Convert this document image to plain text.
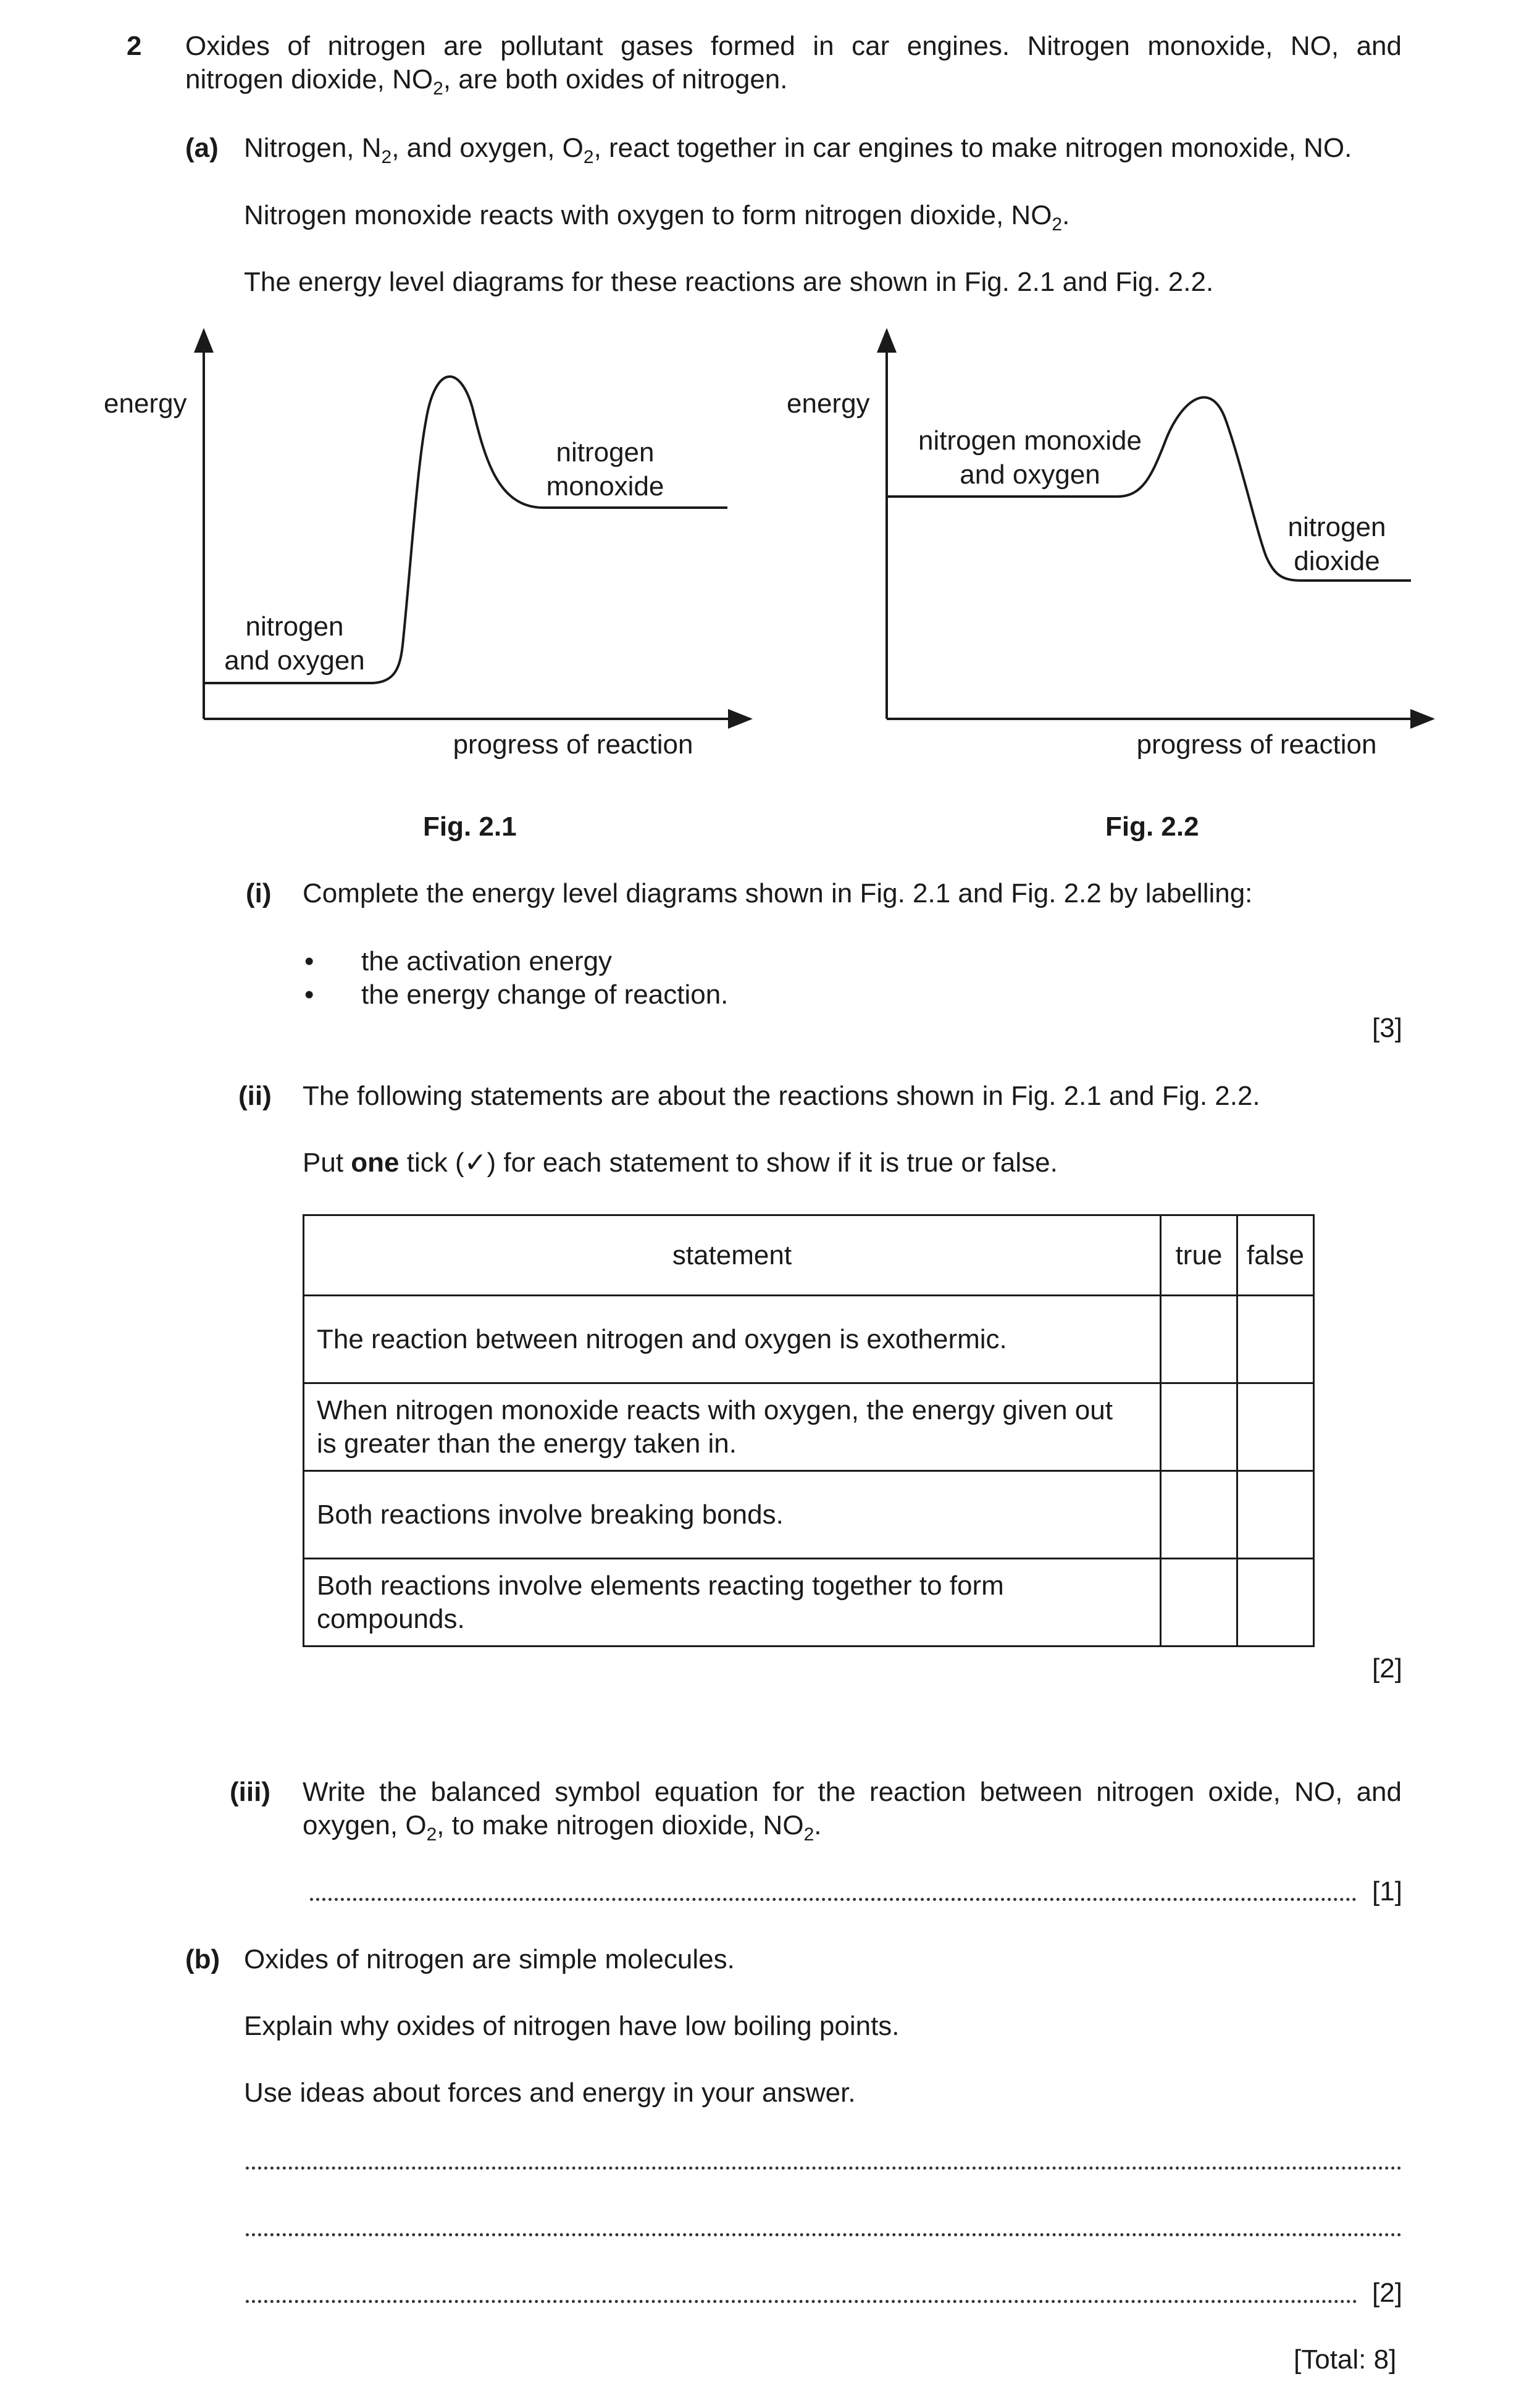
2 Oxides of nitrogen are pollutant gases formed in car engines. Nitrogen monoxide, NO, and
nitrogen dioxide, $NO_2$, are both oxides of nitrogen.
(a) Nitrogen, $N_2$, and oxygen, $O_2$, react together in car engines to make nitrogen monoxide, NO.
Nitrogen monoxide reacts with oxygen to form nitrogen dioxide, $NO_2$.
The energy level diagrams for these reactions are shown in Fig. 2.1 and Fig. 2.2.
energy
nitrogen
monoxide
nitrogen
and oxygen
progress of reaction
energy
nitrogen monoxide
and oxygen
nitrogen
dioxide
progress of reaction
Fig. 2.1	Fig. 2.2
(i) Complete the energy level diagrams shown in Fig. 2.1 and Fig. 2.2 by labelling:
• the activation energy
• the energy change of reaction.
[3]
(ii) The following statements are about the reactions shown in Fig. 2.1 and Fig. 2.2.
Put one tick (✓) for each statement to show if it is true or false.
statement	true	false
The reaction between nitrogen and oxygen is exothermic.		

When nitrogen monoxide reacts with oxygen, the energy given out
is greater than the energy taken in.		

Both reactions involve breaking bonds.		

Both reactions involve elements reacting together to form
compounds.		

[2]
(iii) Write the balanced symbol equation for the reaction between nitrogen oxide, NO, and
oxygen, $O_2$, to make nitrogen dioxide, $NO_2$.
[1]
(b) Oxides of nitrogen are simple molecules.
Explain why oxides of nitrogen have low boiling points.
Use ideas about forces and energy in your answer.
[2]
[Total: 8]
